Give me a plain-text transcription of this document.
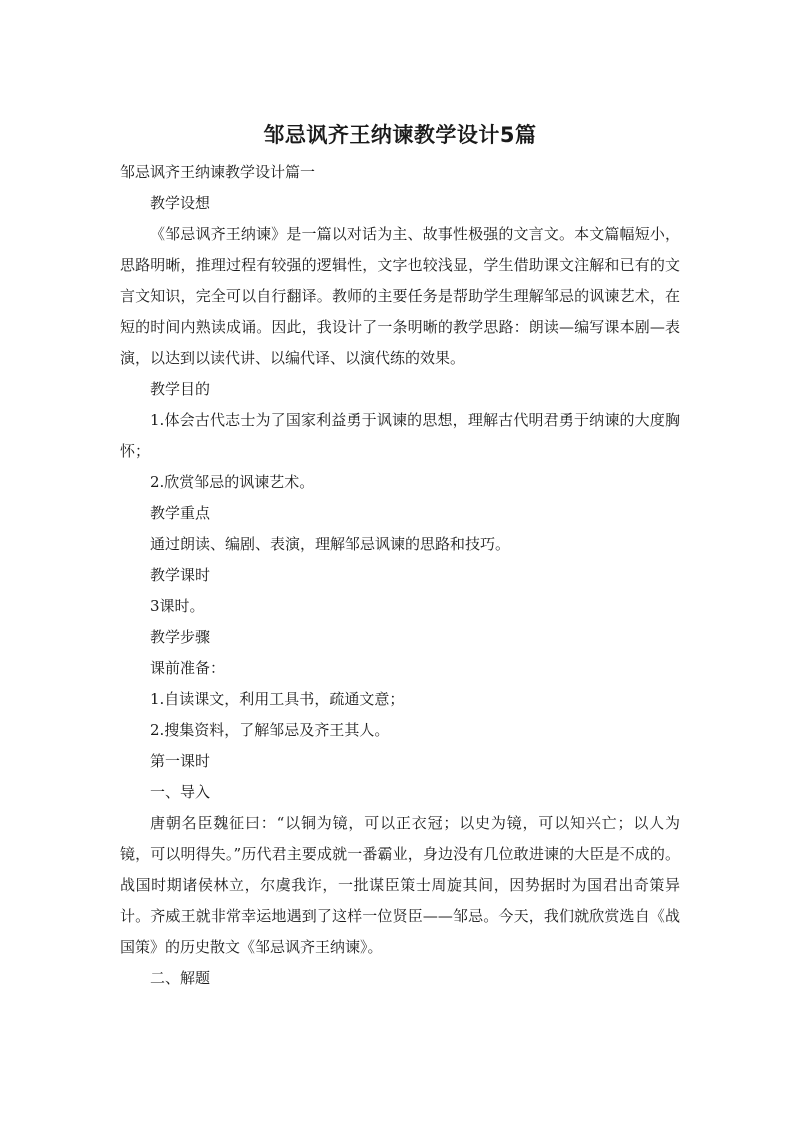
邹忌讽齐王纳谏教学设计5篇

邹忌讽齐王纳谏教学设计篇一

教学设想

《邹忌讽齐王纳谏》是一篇以对话为主、故事性极强的文言文。本文篇幅短小，思路明晰，推理过程有较强的逻辑性，文字也较浅显，学生借助课文注解和已有的文言文知识，完全可以自行翻译。教师的主要任务是帮助学生理解邹忌的讽谏艺术，在短的时间内熟读成诵。因此，我设计了一条明晰的教学思路：朗读—编写课本剧—表演，以达到以读代讲、以编代译、以演代练的效果。

教学目的

1.体会古代志士为了国家利益勇于讽谏的思想，理解古代明君勇于纳谏的大度胸怀；

2.欣赏邹忌的讽谏艺术。

教学重点

通过朗读、编剧、表演，理解邹忌讽谏的思路和技巧。

教学课时

3课时。

教学步骤

课前准备：

1.自读课文，利用工具书，疏通文意；

2.搜集资料，了解邹忌及齐王其人。

第一课时

一、导入

唐朝名臣魏征曰：“以铜为镜，可以正衣冠；以史为镜，可以知兴亡；以人为镜，可以明得失。”历代君主要成就一番霸业，身边没有几位敢进谏的大臣是不成的。战国时期诸侯林立，尔虞我诈，一批谋臣策士周旋其间，因势据时为国君出奇策异计。齐威王就非常幸运地遇到了这样一位贤臣——邹忌。今天，我们就欣赏选自《战国策》的历史散文《邹忌讽齐王纳谏》。

二、解题
